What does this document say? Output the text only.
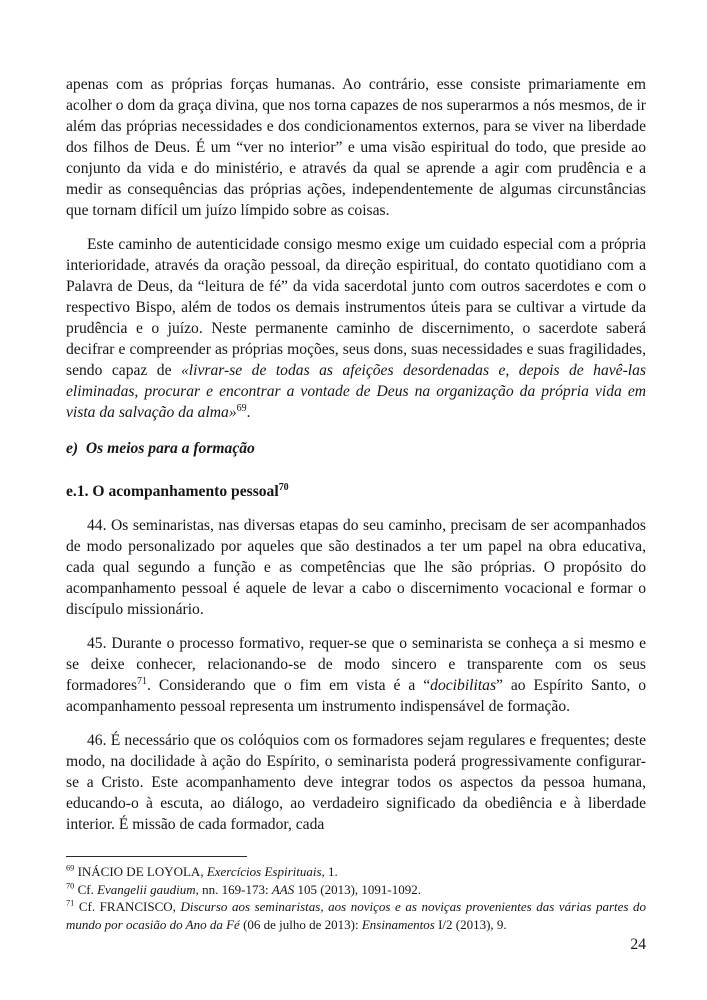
apenas com as próprias forças humanas. Ao contrário, esse consiste primariamente em acolher o dom da graça divina, que nos torna capazes de nos superarmos a nós mesmos, de ir além das próprias necessidades e dos condicionamentos externos, para se viver na liberdade dos filhos de Deus. É um “ver no interior” e uma visão espiritual do todo, que preside ao conjunto da vida e do ministério, e através da qual se aprende a agir com prudência e a medir as consequências das próprias ações, independentemente de algumas circunstâncias que tornam difícil um juízo límpido sobre as coisas.

Este caminho de autenticidade consigo mesmo exige um cuidado especial com a própria interioridade, através da oração pessoal, da direção espiritual, do contato quotidiano com a Palavra de Deus, da “leitura de fé” da vida sacerdotal junto com outros sacerdotes e com o respectivo Bispo, além de todos os demais instrumentos úteis para se cultivar a virtude da prudência e o juízo. Neste permanente caminho de discernimento, o sacerdote saberá decifrar e compreender as próprias moções, seus dons, suas necessidades e suas fragilidades, sendo capaz de «livrar-se de todas as afeições desordenadas e, depois de havê-las eliminadas, procurar e encontrar a vontade de Deus na organização da própria vida em vista da salvação da alma»$^{69}$.

e)  Os meios para a formação

e.1. O acompanhamento pessoal$^{70}$

44. Os seminaristas, nas diversas etapas do seu caminho, precisam de ser acompanhados de modo personalizado por aqueles que são destinados a ter um papel na obra educativa, cada qual segundo a função e as competências que lhe são próprias. O propósito do acompanhamento pessoal é aquele de levar a cabo o discernimento vocacional e formar o discípulo missionário.

45. Durante o processo formativo, requer-se que o seminarista se conheça a si mesmo e se deixe conhecer, relacionando-se de modo sincero e transparente com os seus formadores$^{71}$. Considerando que o fim em vista é a “docibilitas” ao Espírito Santo, o acompanhamento pessoal representa um instrumento indispensável de formação.

46. É necessário que os colóquios com os formadores sejam regulares e frequentes; deste modo, na docilidade à ação do Espírito, o seminarista poderá progressivamente configurar-se a Cristo. Este acompanhamento deve integrar todos os aspectos da pessoa humana, educando-o à escuta, ao diálogo, ao verdadeiro significado da obediência e à liberdade interior. É missão de cada formador, cada

$^{69}$ INÁCIO DE LOYOLA, Exercícios Espirituais, 1.

$^{70}$ Cf. Evangelii gaudium, nn. 169-173: AAS 105 (2013), 1091-1092.

$^{71}$ Cf. FRANCISCO, Discurso aos seminaristas, aos noviços e as noviças provenientes das várias partes do mundo por ocasião do Ano da Fé (06 de julho de 2013): Ensinamentos I/2 (2013), 9.

24
